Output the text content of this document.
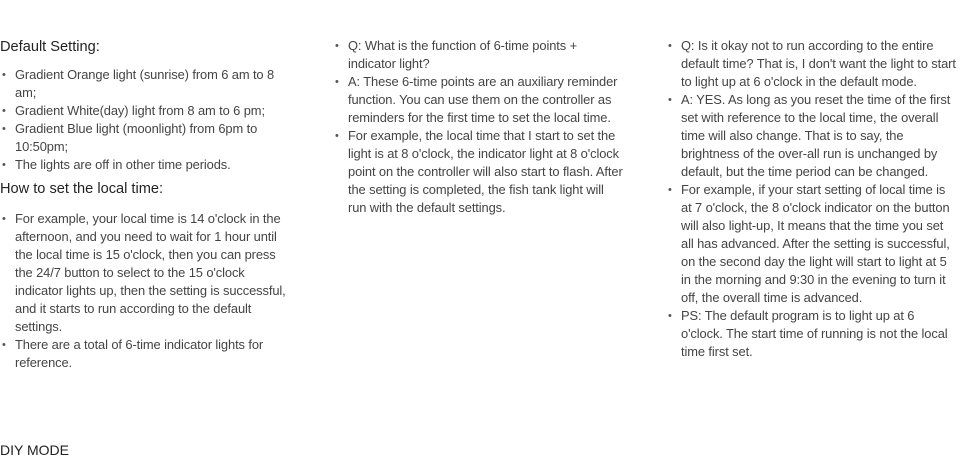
Default Setting:
• Gradient Orange light (sunrise) from 6 am to 8 am;
• Gradient White(day) light from 8 am to 6 pm;
• Gradient Blue light (moonlight) from 6pm to 10:50pm;
• The lights are off in other time periods.
How to set the local time:
• For example, your local time is 14 o'clock in the afternoon, and you need to wait for 1 hour until the local time is 15 o'clock, then you can press the 24/7 button to select to the 15 o'clock indicator lights up, then the setting is successful, and it starts to run according to the default settings.
• There are a total of 6-time indicator lights for reference.
• Q: What is the function of 6-time points + indicator light?
• A: These 6-time points are an auxiliary reminder function. You can use them on the controller as reminders for the first time to set the local time.
• For example, the local time that I start to set the light is at 8 o'clock, the indicator light at 8 o'clock point on the controller will also start to flash. After the setting is completed, the fish tank light will run with the default settings.
• Q: Is it okay not to run according to the entire default time? That is, I don't want the light to start to light up at 6 o'clock in the default mode.
• A: YES. As long as you reset the time of the first set with reference to the local time, the overall time will also change. That is to say, the brightness of the over-all run is unchanged by default, but the time period can be changed.
• For example, if your start setting of local time is at 7 o'clock, the 8 o'clock indicator on the button will also light-up, It means that the time you set all has advanced. After the setting is successful, on the second day the light will start to light at 5 in the morning and 9:30 in the evening to turn it off, the overall time is advanced.
• PS: The default program is to light up at 6 o'clock. The start time of running is not the local time first set.
DIY MODE
